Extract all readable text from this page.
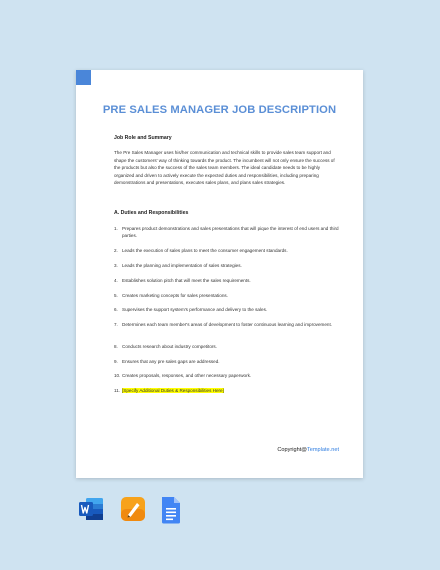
PRE SALES MANAGER JOB DESCRIPTION
Job Role and Summary
The Pre Sales Manager uses his/her communication and technical skills to provide sales team support and shape the customers' way of thinking towards the product. The incumbent will not only ensure the success of the products but also the success of the sales team members. The ideal candidate needs to be highly organized and driven to actively execute the expected duties and responsibilities, including preparing demonstrations and presentations, executes sales plans, and plans sales strategies.
A. Duties and Responsibilities
1. Prepares product demonstrations and sales presentations that will pique the interest of end users and third parties.
2. Leads the execution of sales plans to meet the consumer engagement standards.
3. Leads the planning and implementation of sales strategies.
4. Establishes solution pitch that will meet the sales requirements.
5. Creates marketing concepts for sales presentations.
6. Supervises the support system's performance and delivery to the sales.
7. Determines each team member's areas of development to foster continuous learning and improvement.
8. Conducts research about industry competitors.
9. Ensures that any pre sales gaps are addressed.
10. Creates proposals, responses, and other necessary paperwork.
11. [Specify Additional Duties & Responsibilities Here]
Copyright@Template.net
